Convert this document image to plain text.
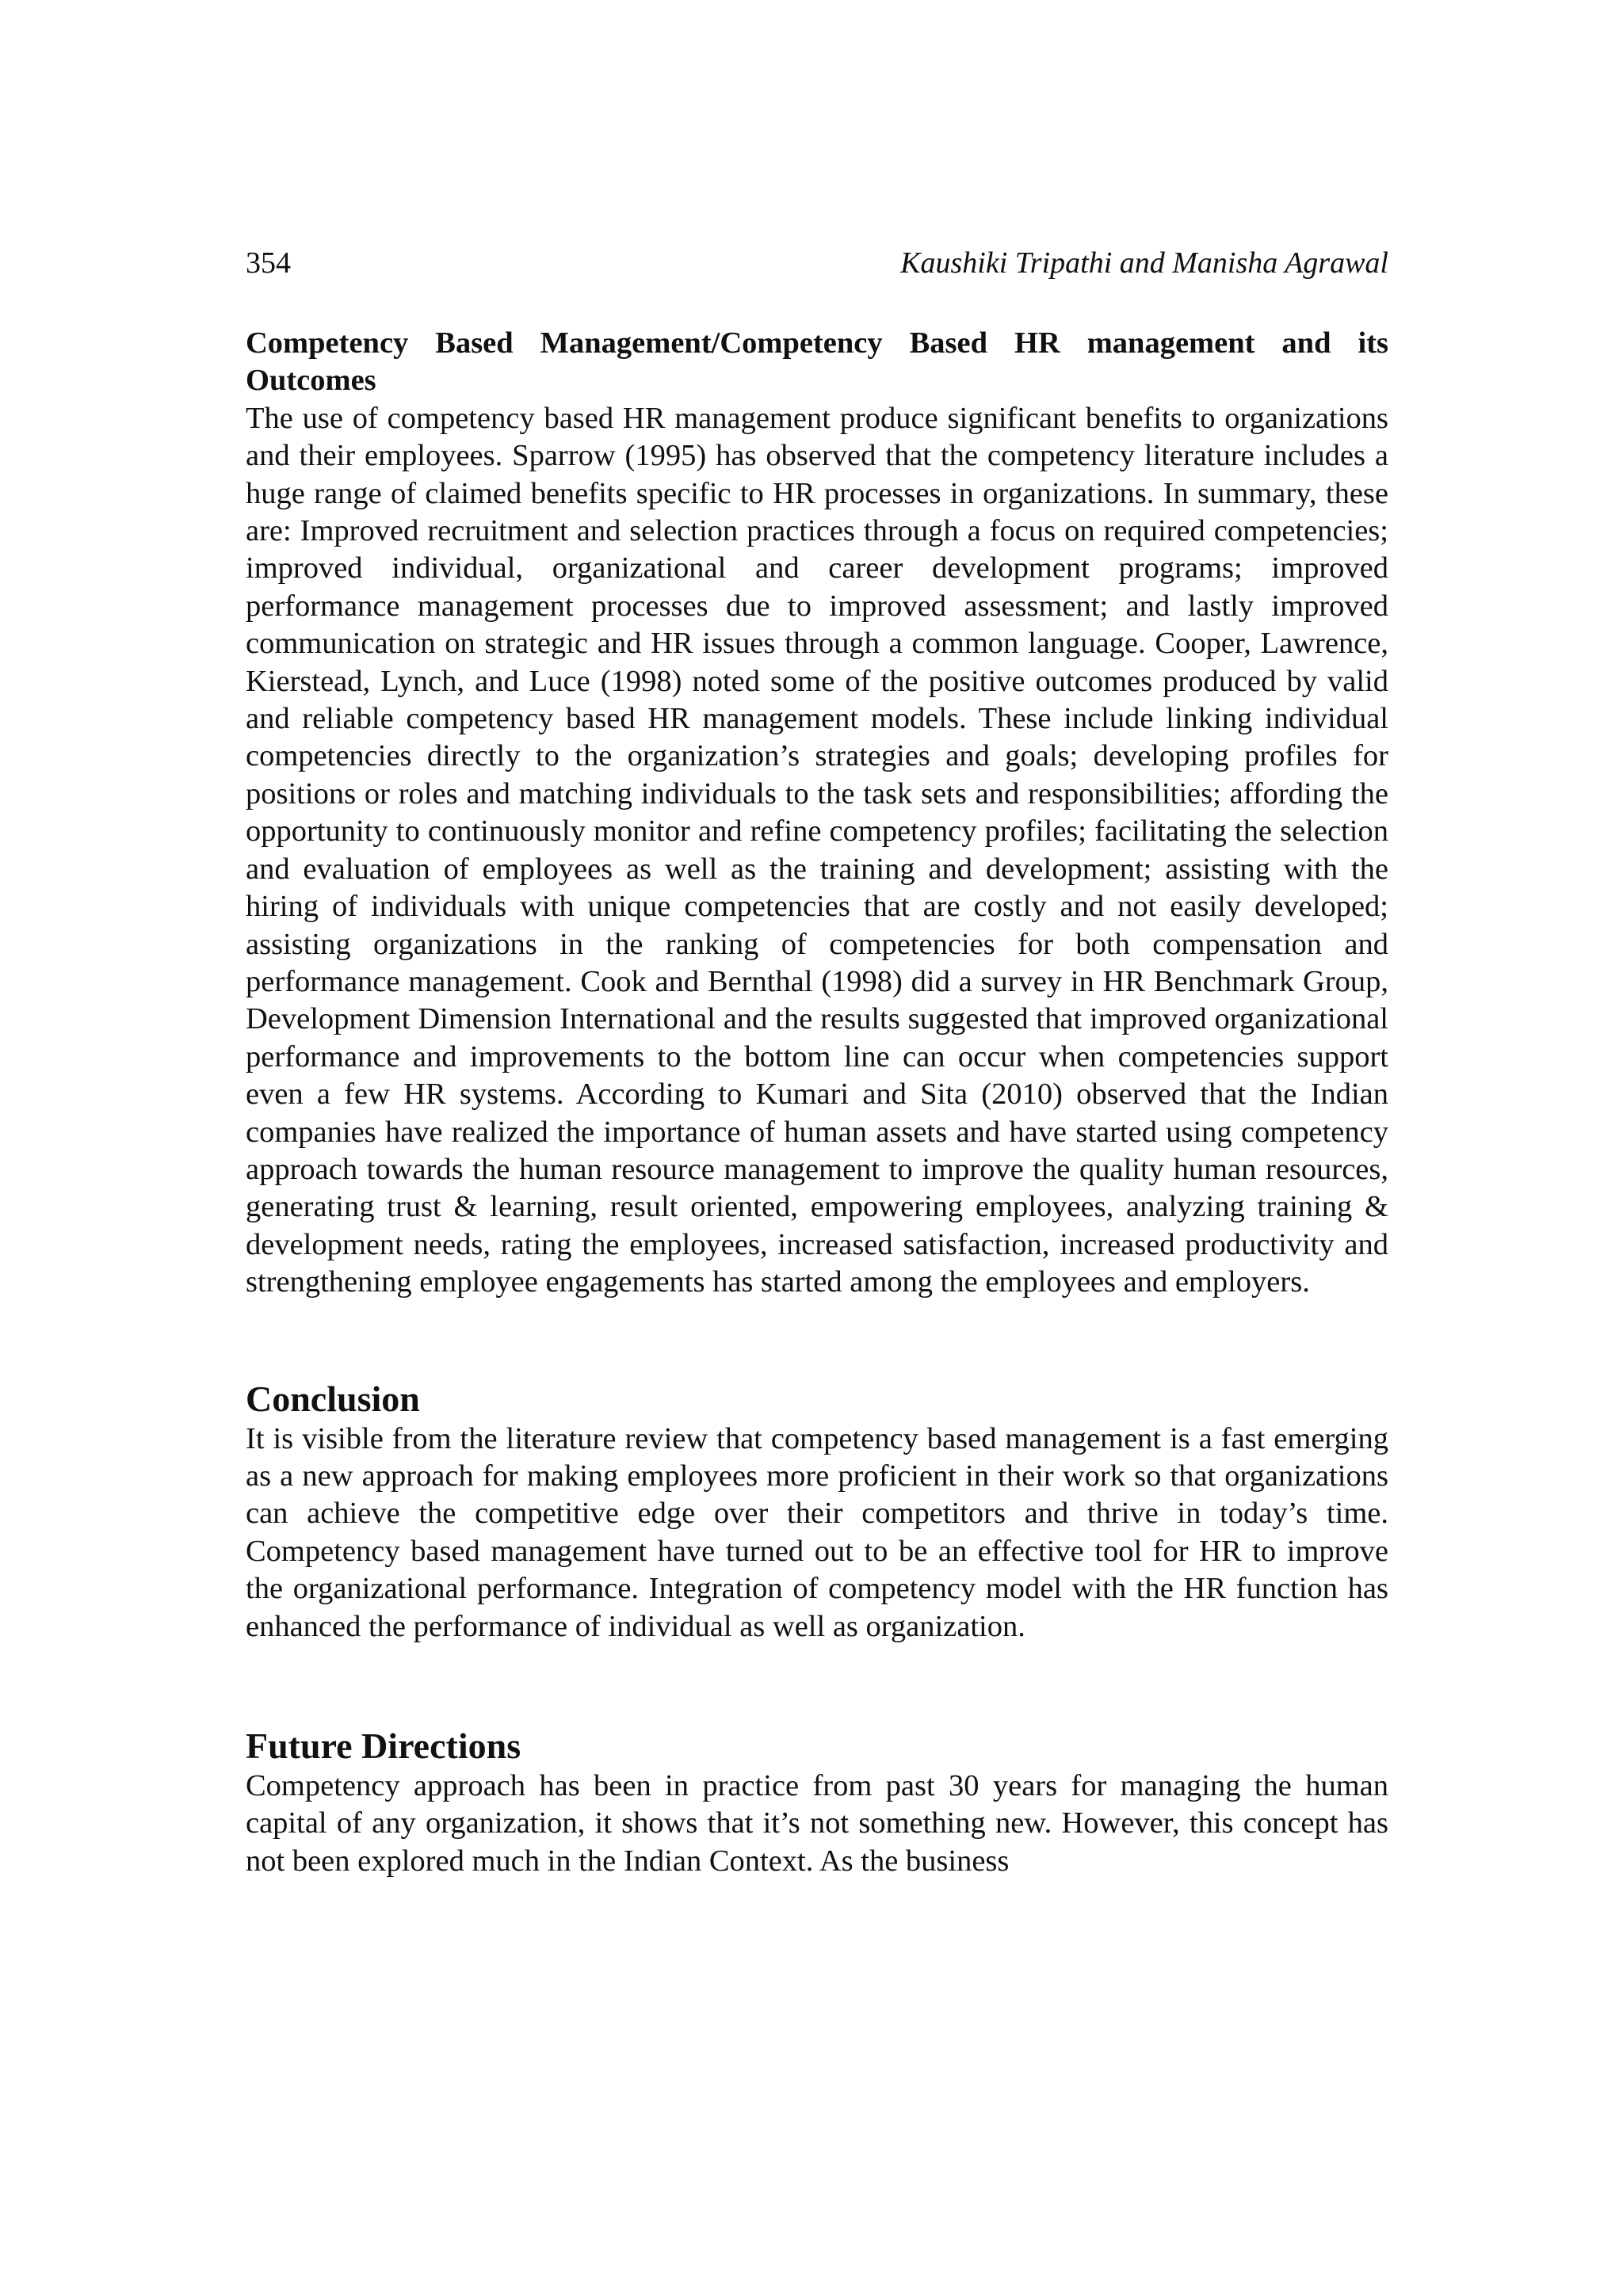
354	Kaushiki Tripathi and Manisha Agrawal
Competency Based Management/Competency Based HR management and its Outcomes

The use of competency based HR management produce significant benefits to organizations and their employees. Sparrow (1995) has observed that the competency literature includes a huge range of claimed benefits specific to HR processes in organizations. In summary, these are: Improved recruitment and selection practices through a focus on required competencies; improved individual, organizational and career development programs; improved performance management processes due to improved assessment; and lastly improved communication on strategic and HR issues through a common language. Cooper, Lawrence, Kierstead, Lynch, and Luce (1998) noted some of the positive outcomes produced by valid and reliable competency based HR management models. These include linking individual competencies directly to the organization’s strategies and goals; developing profiles for positions or roles and matching individuals to the task sets and responsibilities; affording the opportunity to continuously monitor and refine competency profiles; facilitating the selection and evaluation of employees as well as the training and development; assisting with the hiring of individuals with unique competencies that are costly and not easily developed; assisting organizations in the ranking of competencies for both compensation and performance management. Cook and Bernthal (1998) did a survey in HR Benchmark Group, Development Dimension International and the results suggested that improved organizational performance and improvements to the bottom line can occur when competencies support even a few HR systems. According to Kumari and Sita (2010) observed that the Indian companies have realized the importance of human assets and have started using competency approach towards the human resource management to improve the quality human resources, generating trust & learning, result oriented, empowering employees, analyzing training & development needs, rating the employees, increased satisfaction, increased productivity and strengthening employee engagements has started among the employees and employers.

Conclusion

It is visible from the literature review that competency based management is a fast emerging as a new approach for making employees more proficient in their work so that organizations can achieve the competitive edge over their competitors and thrive in today’s time. Competency based management have turned out to be an effective tool for HR to improve the organizational performance. Integration of competency model with the HR function has enhanced the performance of individual as well as organization.

Future Directions

Competency approach has been in practice from past 30 years for managing the human capital of any organization, it shows that it’s not something new. However, this concept has not been explored much in the Indian Context. As the business
